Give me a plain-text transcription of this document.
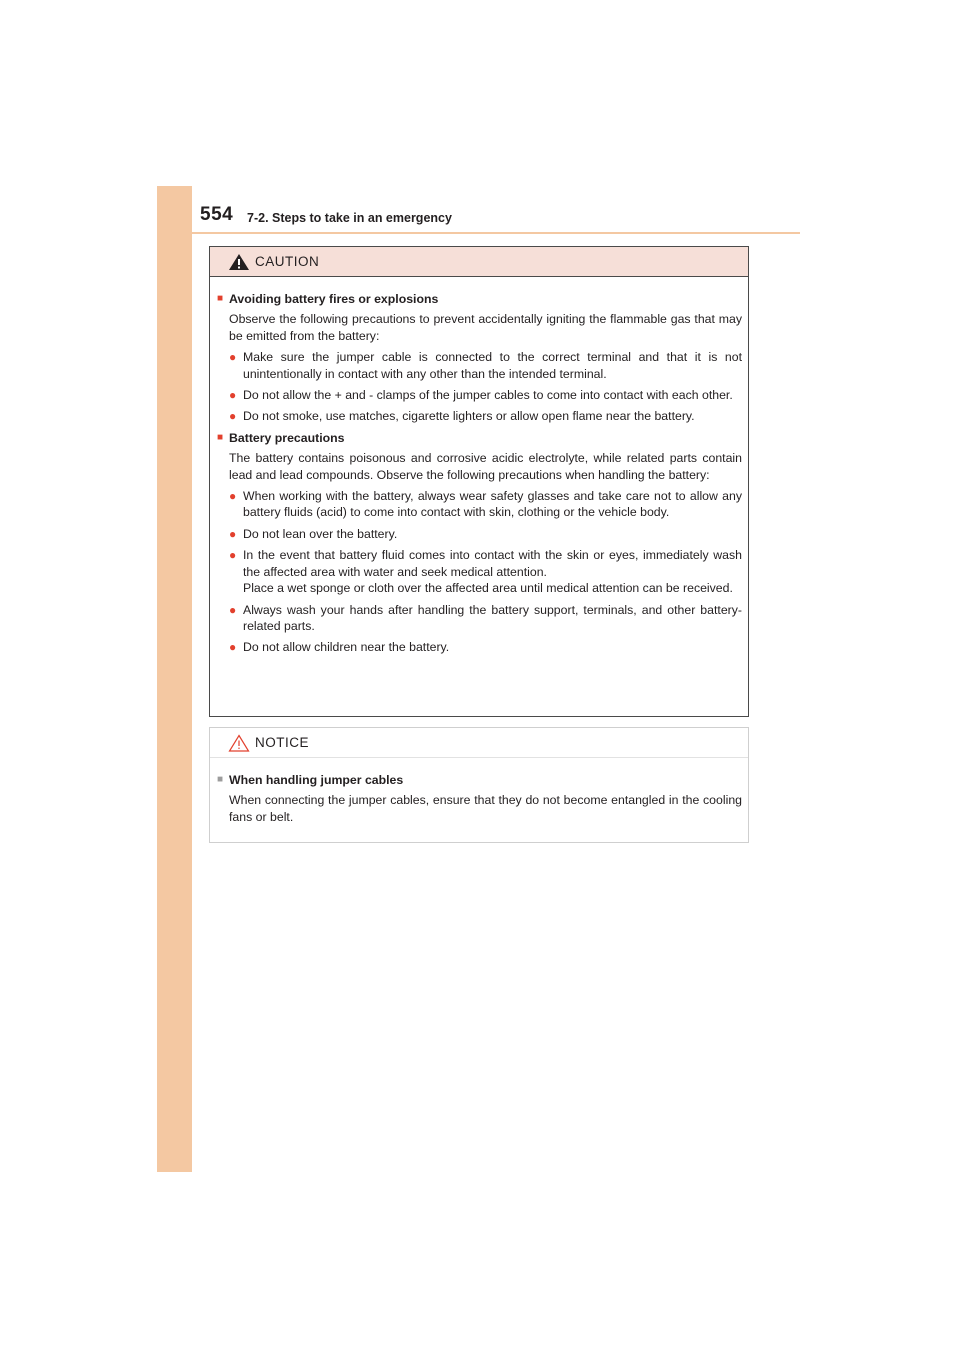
554 7-2. Steps to take in an emergency
CAUTION
■ Avoiding battery fires or explosions
Observe the following precautions to prevent accidentally igniting the flammable gas that may be emitted from the battery:
● Make sure the jumper cable is connected to the correct terminal and that it is not unintentionally in contact with any other than the intended terminal.
● Do not allow the + and - clamps of the jumper cables to come into contact with each other.
● Do not smoke, use matches, cigarette lighters or allow open flame near the battery.
■ Battery precautions
The battery contains poisonous and corrosive acidic electrolyte, while related parts contain lead and lead compounds. Observe the following precautions when handling the battery:
● When working with the battery, always wear safety glasses and take care not to allow any battery fluids (acid) to come into contact with skin, clothing or the vehicle body.
● Do not lean over the battery.
● In the event that battery fluid comes into contact with the skin or eyes, immediately wash the affected area with water and seek medical attention.
Place a wet sponge or cloth over the affected area until medical attention can be received.
● Always wash your hands after handling the battery support, terminals, and other battery-related parts.
● Do not allow children near the battery.
NOTICE
■ When handling jumper cables
When connecting the jumper cables, ensure that they do not become entangled in the cooling fans or belt.
